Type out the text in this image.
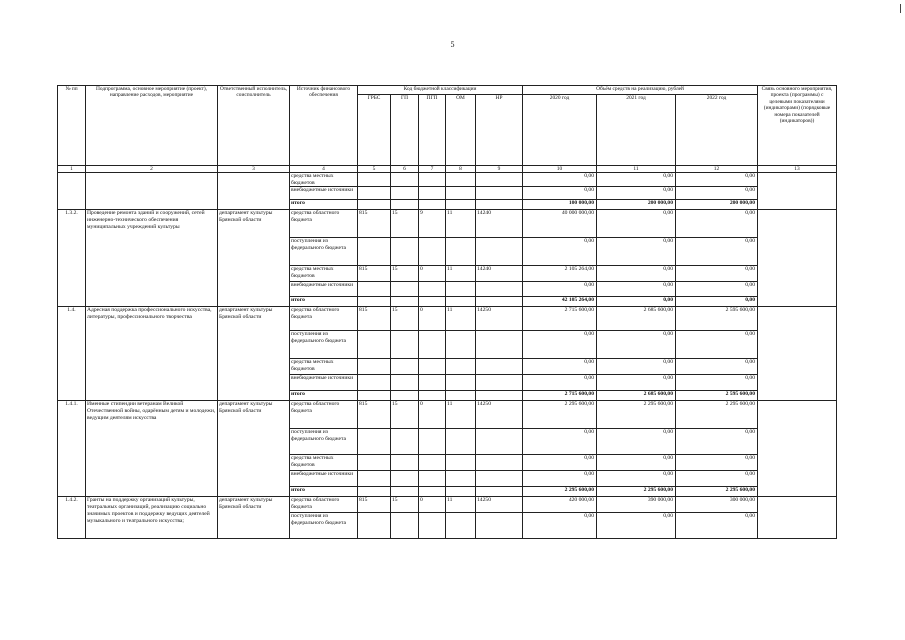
5
№ пп	Подпрограмма, основное мероприятие (проект), направление расходов, мероприятие	Ответственный исполнитель, соисполнитель	Источник финансового обеспечения	Код бюджетной классификации					Объём средств на реализацию, рублей			Связь основного мероприятия, проекта (программы) с целевыми показателями (индикаторами) (порядковые номера показателей (индикаторов))
				ГРБС	ГП	ПГП	ОМ	НР	2020 год	2021 год	2022 год	
1	2	3	4	5	6	7	8	9	10	11	12	13
			средства местных бюджетов						0,00	0,00	0,00	
			внебюджетные источники						0,00	0,00	0,00	
			итого						100 000,00	200 000,00	200 000,00	
1.3.2.	Проведение ремонта зданий и сооружений, сетей инженерно-технического обеспечения муниципальных учреждений культуры	департамент культуры Брянской области	средства областного бюджета	815	15	9	11	14240	40 000 000,00	0,00	0,00	
			поступления из федерального бюджета						0,00	0,00	0,00	
			средства местных бюджетов	815	15	0	11	14240	2 105 264,00	0,00	0,00	
			внебюджетные источники						0,00	0,00	0,00	
			итого						42 105 264,00	0,00	0,00	
1.4.	Адресная поддержка профессионального искусства, литературы, профессионального творчества	департамент культуры Брянской области	средства областного бюджета	815	15	0	11	14250	2 715 600,00	2 685 600,00	2 595 600,00	
			поступления из федерального бюджета						0,00	0,00	0,00	
			средства местных бюджетов						0,00	0,00	0,00	
			внебюджетные источники						0,00	0,00	0,00	
			итого						2 715 600,00	2 685 600,00	2 595 600,00	
1.4.1.	Именные стипендии ветеранам Великой Отечественной войны, одарённым детям и молодежи, ведущим деятелям искусства	департамент культуры Брянской области	средства областного бюджета	815	15	0	11	14250	2 295 600,00	2 295 600,00	2 295 600,00	
			поступления из федерального бюджета						0,00	0,00	0,00	
			средства местных бюджетов						0,00	0,00	0,00	
			внебюджетные источники						0,00	0,00	0,00	
			итого						2 295 600,00	2 295 600,00	2 295 600,00	
1.4.2.	Гранты на поддержку организаций культуры, театральных организаций, реализацию социально значимых проектов и поддержку ведущих деятелей музыкального и театрального искусства;	департамент культуры Брянской области	средства областного бюджета	815	15	0	11	14250	420 000,00	390 000,00	300 000,00	
			поступления из федерального бюджета						0,00	0,00	0,00	
